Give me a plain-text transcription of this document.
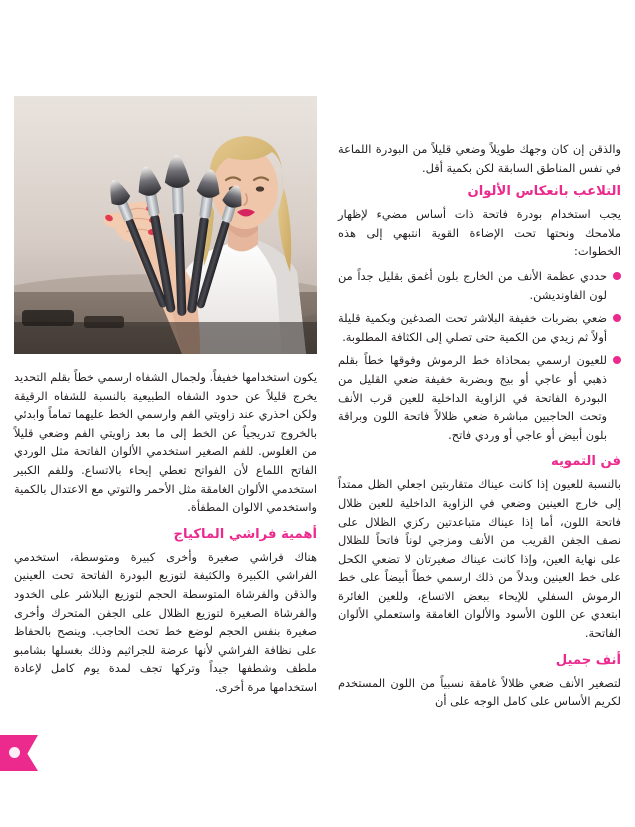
والذقن إن كان وجهك طويلاً وضعي قليلاً من البودرة اللماعة في نفس المناطق السابقة لكن بكمية أقل.

التلاعب بانعكاس الألوان

يجب استخدام بودرة فاتحة ذات أساس مضيء لإظهار ملامحك ونحتها تحت الإضاءة القوية انتبهي إلى هذه الخطوات:

حددي عظمة الأنف من الخارج بلون أغمق بقليل جداً من لون الفاونديشن.
ضعي بضربات خفيفة البلاشر تحت الصدغين وبكمية قليلة أولاً ثم زيدي من الكمية حتى تصلي إلى الكثافة المطلوبة.
للعيون ارسمي بمحاذاة خط الرموش وفوقها خطاً بقلم ذهبي أو عاجي أو بيج وبضربة خفيفة ضعي القليل من البودرة الفاتحة في الزاوية الداخلية للعين قرب الأنف وتحت الحاجبين مباشرة ضعي ظلالاً فاتحة اللون وبراقة بلون أبيض أو عاجي أو وردي فاتح.
فن التمويه

بالنسبة للعيون إذا كانت عيناك متقاربتين اجعلي الظل ممتداً إلى خارج العينين وضعي في الزاوية الداخلية للعين ظلال فاتحة اللون، أما إذا عيناك متباعدتين ركزي الظلال على نصف الجفن القريب من الأنف ومزجي لوناً فاتحاً للظلال على نهاية العين، وإذا كانت عيناك صغيرتان لا تضعي الكحل على خط العينين وبدلاً من ذلك ارسمي خطاً أبيضاً على خط الرموش السفلي للإيحاء ببعض الاتساع، وللعين الغائرة ابتعدي عن اللون الأسود والألوان الغامقة واستعملي الألوان الفاتحة.

أنف جميل

لتصغير الأنف ضعي ظلالاً غامقة نسبياً من اللون المستخدم لكريم الأساس على كامل الوجه على أن

يكون استخدامها خفيفاً. ولجمال الشفاه ارسمي خطاً بقلم التحديد يخرج قليلاً عن حدود الشفاه الطبيعية بالنسبة للشفاه الرقيقة ولكن احذري عند زاويتي الفم وارسمي الخط عليهما تماماً وابدئي بالخروج تدريجياً عن الخط إلى ما بعد زاويتي الفم وضعي قليلاً من الغلوس. للفم الصغير استخدمي الألوان الفاتحة مثل الوردي الفاتح اللماع لأن الفواتح تعطي إيحاء بالاتساع. وللفم الكبير استخدمي الألوان الغامقة مثل الأحمر والتوتي مع الاعتدال بالكمية واستخدمي الالوان المطفأة.

أهمية فراشي الماكياج

هناك فراشي صغيرة وأخرى كبيرة ومتوسطة، استخدمي الفراشي الكبيرة والكثيفة لتوزيع البودرة الفاتحة تحت العينين والذقن والفرشاة المتوسطة الحجم لتوزيع البلاشر على الخدود والفرشاة الصغيرة لتوزيع الظلال على الجفن المتحرك وأخرى صغيرة بنفس الحجم لوضع خط تحت الحاجب. وينصح بالحفاظ على نظافة الفراشي لأنها عرضة للجراثيم وذلك بغسلها بشامبو ملطف وشطفها جيداً وتركها تجف لمدة يوم كامل لإعادة استخدامها مرة أخرى.
